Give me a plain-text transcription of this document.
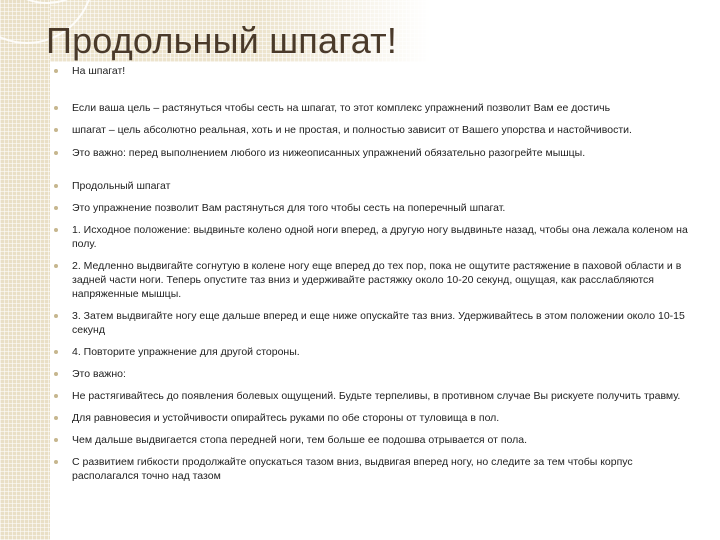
Продольный шпагат!
На шпагат!
Если ваша цель – растянуться чтобы сесть на шпагат, то этот комплекс упражнений позволит Вам ее достичь
шпагат – цель абсолютно реальная, хоть и не простая, и полностью зависит от Вашего упорства и настойчивости.
Это важно: перед выполнением любого из нижеописанных упражнений обязательно разогрейте мышцы.
Продольный шпагат
Это упражнение позволит Вам растянуться для того чтобы сесть на поперечный шпагат.
1. Исходное положение: выдвиньте колено одной ноги вперед, а другую ногу выдвиньте назад, чтобы она лежала коленом на полу.
2. Медленно выдвигайте согнутую в колене ногу еще вперед до тех пор, пока не ощутите растяжение в паховой области и в задней части ноги. Теперь опустите таз вниз и удерживайте растяжку около 10-20 секунд, ощущая, как расслабляются напряженные мышцы.
3. Затем выдвигайте ногу еще дальше вперед и еще ниже опускайте таз вниз. Удерживайтесь в этом положении около 10-15 секунд
4. Повторите упражнение для другой стороны.
Это важно:
Не растягивайтесь до появления болевых ощущений. Будьте терпеливы, в противном случае Вы рискуете получить травму.
Для равновесия и устойчивости опирайтесь руками по обе стороны от туловища в пол.
Чем дальше выдвигается стопа передней ноги, тем больше ее подошва отрывается от пола.
С развитием гибкости продолжайте опускаться тазом вниз, выдвигая вперед ногу, но следите за тем чтобы корпус располагался точно над тазом
